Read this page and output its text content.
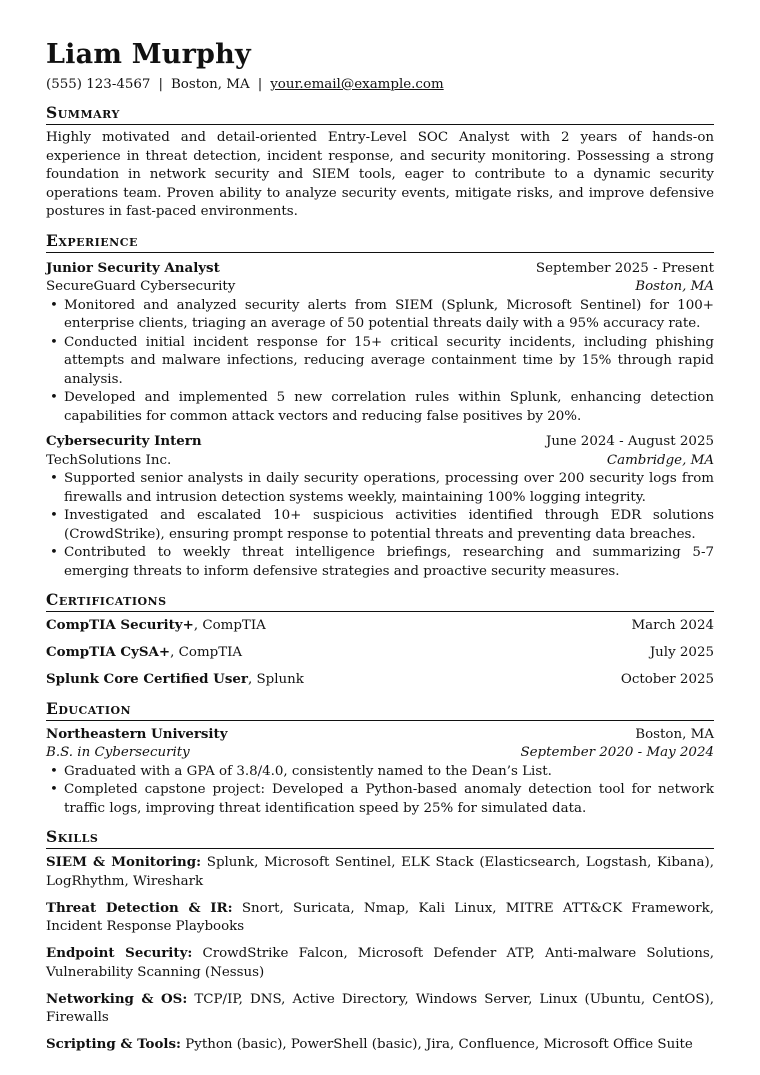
Liam Murphy
(555) 123-4567 | Boston, MA | your.email@example.com
Summary
Highly motivated and detail-oriented Entry-Level SOC Analyst with 2 years of hands-on experience in threat detection, incident response, and security monitoring. Possessing a strong foundation in network security and SIEM tools, eager to contribute to a dynamic security operations team. Proven ability to analyze security events, mitigate risks, and improve defensive postures in fast-paced environments.
Experience
Junior Security Analyst	September 2025 - Present
SecureGuard Cybersecurity	Boston, MA
• Monitored and analyzed security alerts from SIEM (Splunk, Microsoft Sentinel) for 100+ enterprise clients, triaging an average of 50 potential threats daily with a 95% accuracy rate.
• Conducted initial incident response for 15+ critical security incidents, including phishing attempts and malware infections, reducing average containment time by 15% through rapid analysis.
• Developed and implemented 5 new correlation rules within Splunk, enhancing detection capabilities for common attack vectors and reducing false positives by 20%.
Cybersecurity Intern	June 2024 - August 2025
TechSolutions Inc.	Cambridge, MA
• Supported senior analysts in daily security operations, processing over 200 security logs from firewalls and intrusion detection systems weekly, maintaining 100% logging integrity.
• Investigated and escalated 10+ suspicious activities identified through EDR solutions (CrowdStrike), ensuring prompt response to potential threats and preventing data breaches.
• Contributed to weekly threat intelligence briefings, researching and summarizing 5-7 emerging threats to inform defensive strategies and proactive security measures.
Certifications
CompTIA Security+, CompTIA	March 2024
CompTIA CySA+, CompTIA	July 2025
Splunk Core Certified User, Splunk	October 2025
Education
Northeastern University	Boston, MA
B.S. in Cybersecurity	September 2020 - May 2024
• Graduated with a GPA of 3.8/4.0, consistently named to the Dean’s List.
• Completed capstone project: Developed a Python-based anomaly detection tool for network traffic logs, improving threat identification speed by 25% for simulated data.
Skills
SIEM & Monitoring: Splunk, Microsoft Sentinel, ELK Stack (Elasticsearch, Logstash, Kibana), LogRhythm, Wireshark
Threat Detection & IR: Snort, Suricata, Nmap, Kali Linux, MITRE ATT&CK Framework, Incident Response Playbooks
Endpoint Security: CrowdStrike Falcon, Microsoft Defender ATP, Anti-malware Solutions, Vulnerability Scanning (Nessus)
Networking & OS: TCP/IP, DNS, Active Directory, Windows Server, Linux (Ubuntu, CentOS), Firewalls
Scripting & Tools: Python (basic), PowerShell (basic), Jira, Confluence, Microsoft Office Suite
